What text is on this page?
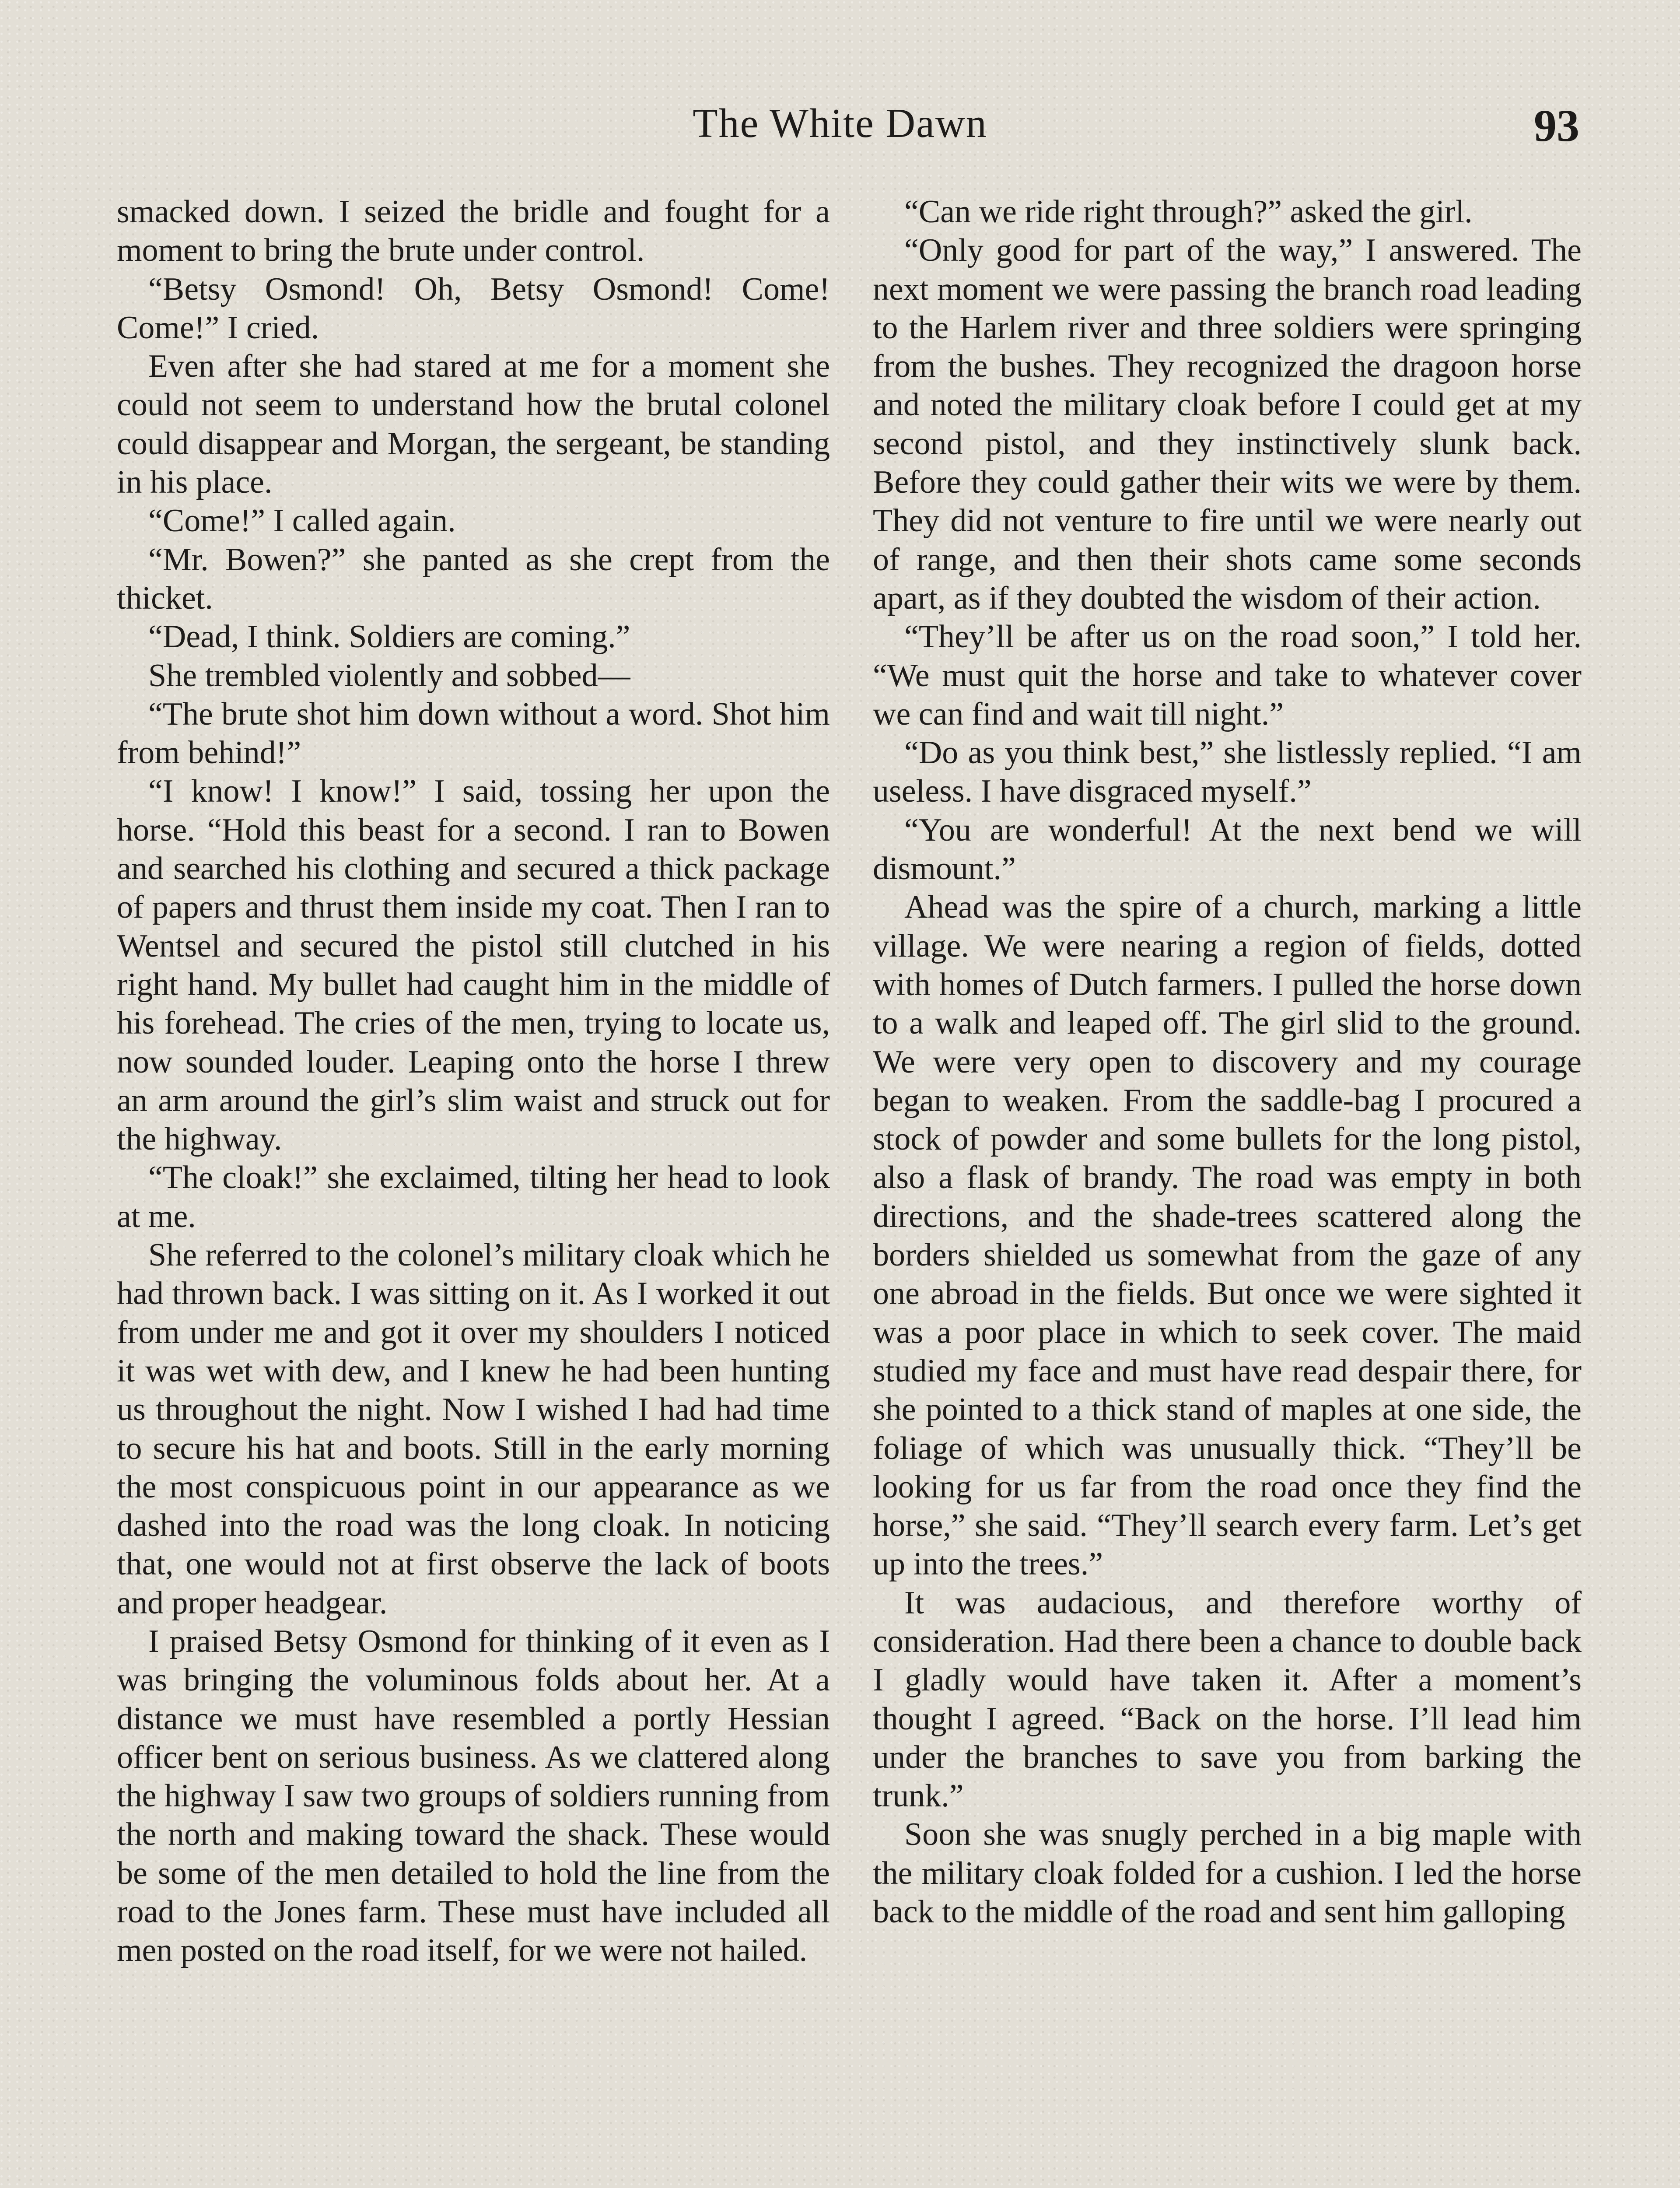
The White Dawn	93

smacked down. I seized the bridle and fought for a moment to bring the brute under control.

“Betsy Osmond! Oh, Betsy Osmond! Come! Come!” I cried.

Even after she had stared at me for a moment she could not seem to understand how the brutal colonel could disappear and Morgan, the sergeant, be standing in his place.

“Come!” I called again.

“Mr. Bowen?” she panted as she crept from the thicket.

“Dead, I think. Soldiers are coming.”

She trembled violently and sobbed—

“The brute shot him down without a word. Shot him from behind!”

“I know! I know!” I said, tossing her upon the horse. “Hold this beast for a second. I ran to Bowen and searched his clothing and secured a thick package of papers and thrust them inside my coat. Then I ran to Wentsel and secured the pistol still clutched in his right hand. My bullet had caught him in the middle of his forehead. The cries of the men, trying to locate us, now sounded louder. Leaping onto the horse I threw an arm around the girl’s slim waist and struck out for the highway.

“The cloak!” she exclaimed, tilting her head to look at me.

She referred to the colonel’s military cloak which he had thrown back. I was sitting on it. As I worked it out from under me and got it over my shoulders I noticed it was wet with dew, and I knew he had been hunting us throughout the night. Now I wished I had had time to secure his hat and boots. Still in the early morning the most conspicuous point in our appearance as we dashed into the road was the long cloak. In noticing that, one would not at first observe the lack of boots and proper headgear.

I praised Betsy Osmond for thinking of it even as I was bringing the voluminous folds about her. At a distance we must have resembled a portly Hessian officer bent on serious business. As we clattered along the highway I saw two groups of soldiers running from the north and making toward the shack. These would be some of the men detailed to hold the line from the road to the Jones farm. These must have included all men posted on the road itself, for we were not hailed.

“Can we ride right through?” asked the girl.

“Only good for part of the way,” I answered. The next moment we were passing the branch road leading to the Harlem river and three soldiers were springing from the bushes. They recognized the dragoon horse and noted the military cloak before I could get at my second pistol, and they instinctively slunk back. Before they could gather their wits we were by them. They did not venture to fire until we were nearly out of range, and then their shots came some seconds apart, as if they doubted the wisdom of their action.

“They’ll be after us on the road soon,” I told her. “We must quit the horse and take to whatever cover we can find and wait till night.”

“Do as you think best,” she listlessly replied. “I am useless. I have disgraced myself.”

“You are wonderful! At the next bend we will dismount.”

Ahead was the spire of a church, marking a little village. We were nearing a region of fields, dotted with homes of Dutch farmers. I pulled the horse down to a walk and leaped off. The girl slid to the ground. We were very open to discovery and my courage began to weaken. From the saddle-bag I procured a stock of powder and some bullets for the long pistol, also a flask of brandy. The road was empty in both directions, and the shade-trees scattered along the borders shielded us somewhat from the gaze of any one abroad in the fields. But once we were sighted it was a poor place in which to seek cover. The maid studied my face and must have read despair there, for she pointed to a thick stand of maples at one side, the foliage of which was unusually thick. “They’ll be looking for us far from the road once they find the horse,” she said. “They’ll search every farm. Let’s get up into the trees.”

It was audacious, and therefore worthy of consideration. Had there been a chance to double back I gladly would have taken it. After a moment’s thought I agreed. “Back on the horse. I’ll lead him under the branches to save you from barking the trunk.”

Soon she was snugly perched in a big maple with the military cloak folded for a cushion. I led the horse back to the middle of the road and sent him galloping
